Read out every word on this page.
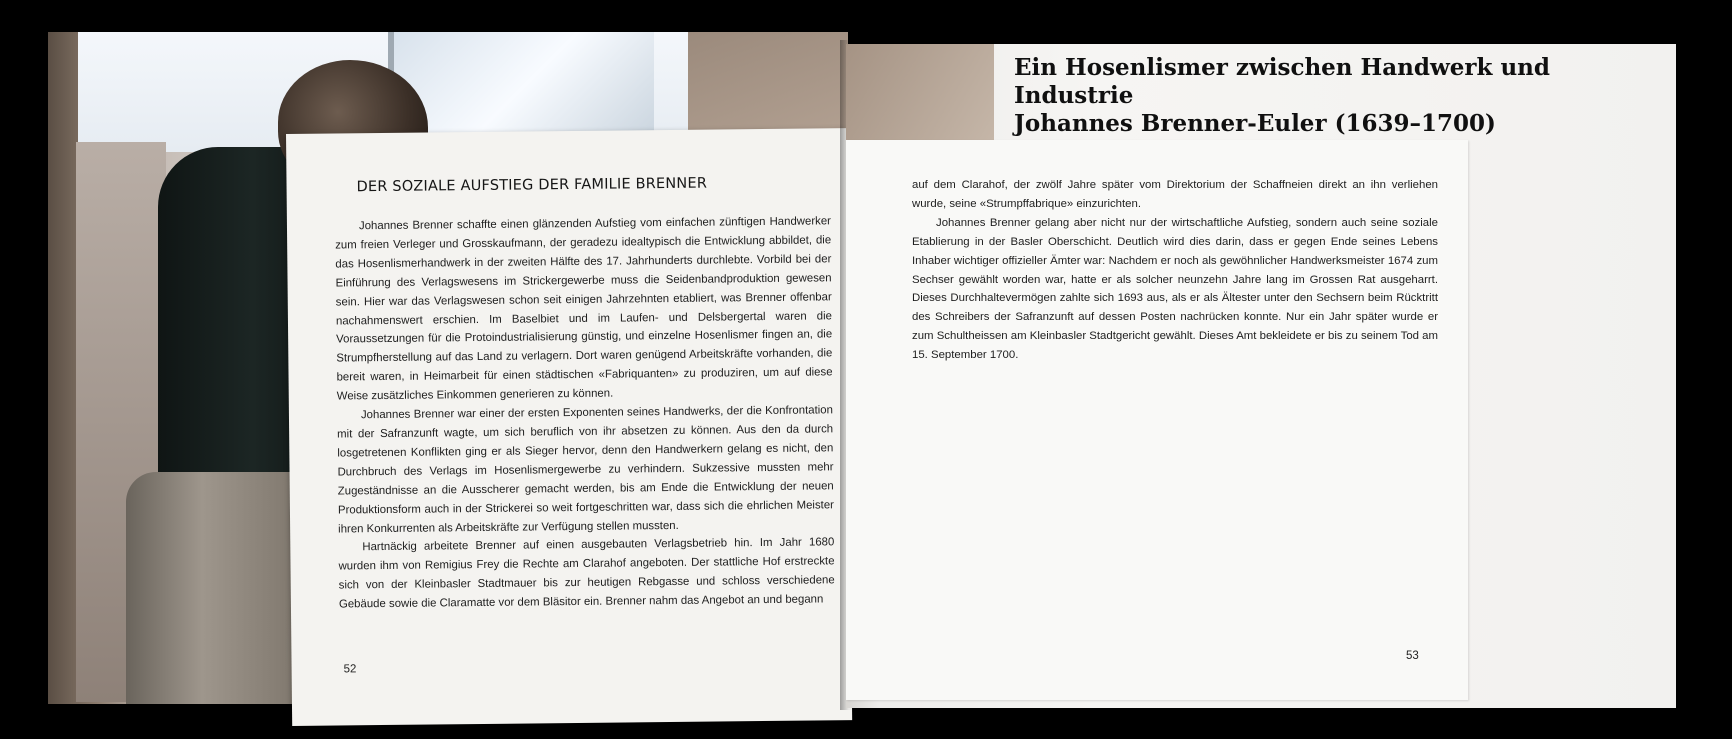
DER SOZIALE AUFSTIEG DER FAMILIE BRENNER

Johannes Brenner schaffte einen glänzenden Aufstieg vom einfachen zünftigen Handwerker zum freien Verleger und Grosskaufmann, der geradezu idealtypisch die Entwicklung abbildet, die das Hosenlismerhandwerk in der zweiten Hälfte des 17. Jahrhunderts durchlebte. Vorbild bei der Einführung des Verlagswesens im Strickergewerbe muss die Seidenbandproduktion gewesen sein. Hier war das Verlagswesen schon seit einigen Jahrzehnten etabliert, was Brenner offenbar nachahmenswert erschien. Im Baselbiet und im Laufen- und Delsbergertal waren die Voraussetzungen für die Protoindustrialisierung günstig, und einzelne Hosenlismer fingen an, die Strumpfherstellung auf das Land zu verlagern. Dort waren genügend Arbeitskräfte vorhanden, die bereit waren, in Heimarbeit für einen städtischen «Fabriquanten» zu produziren, um auf diese Weise zusätzliches Einkommen generieren zu können.

Johannes Brenner war einer der ersten Exponenten seines Handwerks, der die Konfrontation mit der Safranzunft wagte, um sich beruflich von ihr absetzen zu können. Aus den da durch losgetretenen Konflikten ging er als Sieger hervor, denn den Handwerkern gelang es nicht, den Durchbruch des Verlags im Hosenlismergewerbe zu verhindern. Sukzessive mussten mehr Zugeständnisse an die Ausscherer gemacht werden, bis am Ende die Entwicklung der neuen Produktionsform auch in der Strickerei so weit fortgeschritten war, dass sich die ehrlichen Meister ihren Konkurrenten als Arbeitskräfte zur Verfügung stellen mussten.

Hartnäckig arbeitete Brenner auf einen ausgebauten Verlagsbetrieb hin. Im Jahr 1680 wurden ihm von Remigius Frey die Rechte am Clarahof angeboten. Der stattliche Hof erstreckte sich von der Kleinbasler Stadtmauer bis zur heutigen Rebgasse und schloss verschiedene Gebäude sowie die Claramatte vor dem Bläsitor ein. Brenner nahm das Angebot an und begann

52
Ein Hosenlismer zwischen Handwerk und Industrie
Johannes Brenner-Euler (1639–1700)

auf dem Clarahof, der zwölf Jahre später vom Direktorium der Schaffneien direkt an ihn verliehen wurde, seine «Strumpffabrique» einzurichten.

Johannes Brenner gelang aber nicht nur der wirtschaftliche Aufstieg, sondern auch seine soziale Etablierung in der Basler Oberschicht. Deutlich wird dies darin, dass er gegen Ende seines Lebens Inhaber wichtiger offizieller Ämter war: Nachdem er noch als gewöhnlicher Handwerksmeister 1674 zum Sechser gewählt worden war, hatte er als solcher neunzehn Jahre lang im Grossen Rat ausgeharrt. Dieses Durchhaltevermögen zahlte sich 1693 aus, als er als Ältester unter den Sechsern beim Rücktritt des Schreibers der Safranzunft auf dessen Posten nachrücken konnte. Nur ein Jahr später wurde er zum Schultheissen am Kleinbasler Stadtgericht gewählt. Dieses Amt bekleidete er bis zu seinem Tod am 15. September 1700.

53
